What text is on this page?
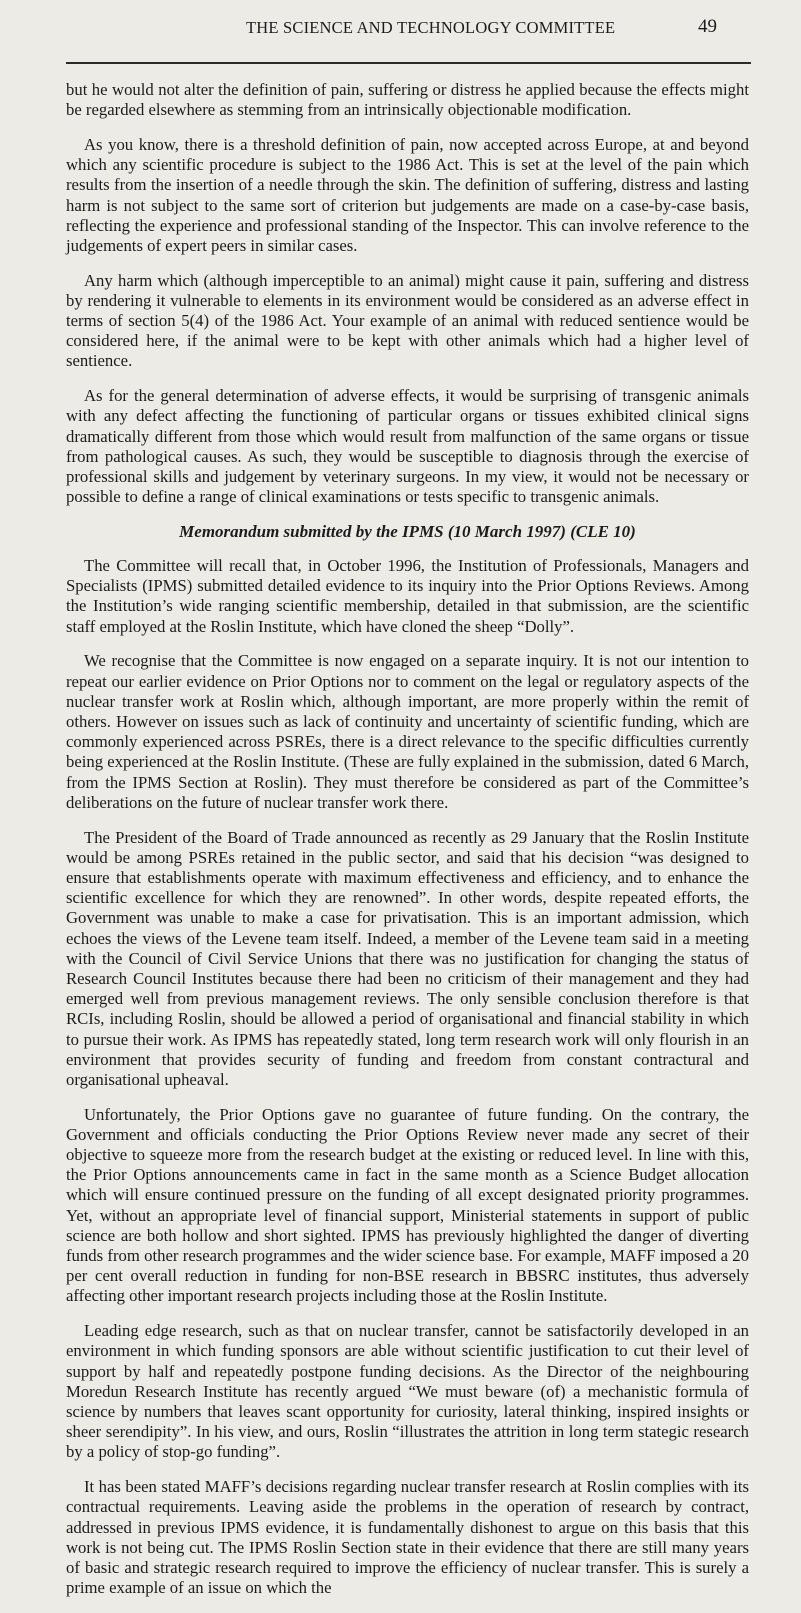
THE SCIENCE AND TECHNOLOGY COMMITTEE	49

but he would not alter the definition of pain, suffering or distress he applied because the effects might be regarded elsewhere as stemming from an intrinsically objectionable modification.

As you know, there is a threshold definition of pain, now accepted across Europe, at and beyond which any scientific procedure is subject to the 1986 Act. This is set at the level of the pain which results from the insertion of a needle through the skin. The definition of suffering, distress and lasting harm is not subject to the same sort of criterion but judgements are made on a case-by-case basis, reflecting the experience and professional standing of the Inspector. This can involve reference to the judgements of expert peers in similar cases.

Any harm which (although imperceptible to an animal) might cause it pain, suffering and distress by rendering it vulnerable to elements in its environment would be considered as an adverse effect in terms of section 5(4) of the 1986 Act. Your example of an animal with reduced sentience would be considered here, if the animal were to be kept with other animals which had a higher level of sentience.

As for the general determination of adverse effects, it would be surprising of transgenic animals with any defect affecting the functioning of particular organs or tissues exhibited clinical signs dramatically different from those which would result from malfunction of the same organs or tissue from pathological causes. As such, they would be susceptible to diagnosis through the exercise of professional skills and judgement by veterinary surgeons. In my view, it would not be necessary or possible to define a range of clinical examinations or tests specific to transgenic animals.

Memorandum submitted by the IPMS (10 March 1997) (CLE 10)

The Committee will recall that, in October 1996, the Institution of Professionals, Managers and Specialists (IPMS) submitted detailed evidence to its inquiry into the Prior Options Reviews. Among the Institution’s wide ranging scientific membership, detailed in that submission, are the scientific staff employed at the Roslin Institute, which have cloned the sheep “Dolly”.

We recognise that the Committee is now engaged on a separate inquiry. It is not our intention to repeat our earlier evidence on Prior Options nor to comment on the legal or regulatory aspects of the nuclear transfer work at Roslin which, although important, are more properly within the remit of others. However on issues such as lack of continuity and uncertainty of scientific funding, which are commonly experienced across PSREs, there is a direct relevance to the specific difficulties currently being experienced at the Roslin Institute. (These are fully explained in the submission, dated 6 March, from the IPMS Section at Roslin). They must therefore be considered as part of the Committee’s deliberations on the future of nuclear transfer work there.

The President of the Board of Trade announced as recently as 29 January that the Roslin Institute would be among PSREs retained in the public sector, and said that his decision “was designed to ensure that establishments operate with maximum effectiveness and efficiency, and to enhance the scientific excellence for which they are renowned”. In other words, despite repeated efforts, the Government was unable to make a case for privatisation. This is an important admission, which echoes the views of the Levene team itself. Indeed, a member of the Levene team said in a meeting with the Council of Civil Service Unions that there was no justification for changing the status of Research Council Institutes because there had been no criticism of their management and they had emerged well from previous management reviews. The only sensible conclusion therefore is that RCIs, including Roslin, should be allowed a period of organisational and financial stability in which to pursue their work. As IPMS has repeatedly stated, long term research work will only flourish in an environment that provides security of funding and freedom from constant contractural and organisational upheaval.

Unfortunately, the Prior Options gave no guarantee of future funding. On the contrary, the Government and officials conducting the Prior Options Review never made any secret of their objective to squeeze more from the research budget at the existing or reduced level. In line with this, the Prior Options announcements came in fact in the same month as a Science Budget allocation which will ensure continued pressure on the funding of all except designated priority programmes. Yet, without an appropriate level of financial support, Ministerial statements in support of public science are both hollow and short sighted. IPMS has previously highlighted the danger of diverting funds from other research programmes and the wider science base. For example, MAFF imposed a 20 per cent overall reduction in funding for non-BSE research in BBSRC institutes, thus adversely affecting other important research projects including those at the Roslin Institute.

Leading edge research, such as that on nuclear transfer, cannot be satisfactorily developed in an environment in which funding sponsors are able without scientific justification to cut their level of support by half and repeatedly postpone funding decisions. As the Director of the neighbouring Moredun Research Institute has recently argued “We must beware (of) a mechanistic formula of science by numbers that leaves scant opportunity for curiosity, lateral thinking, inspired insights or sheer serendipity”. In his view, and ours, Roslin “illustrates the attrition in long term stategic research by a policy of stop-go funding”.

It has been stated MAFF’s decisions regarding nuclear transfer research at Roslin complies with its contractual requirements. Leaving aside the problems in the operation of research by contract, addressed in previous IPMS evidence, it is fundamentally dishonest to argue on this basis that this work is not being cut. The IPMS Roslin Section state in their evidence that there are still many years of basic and strategic research required to improve the efficiency of nuclear transfer. This is surely a prime example of an issue on which the
